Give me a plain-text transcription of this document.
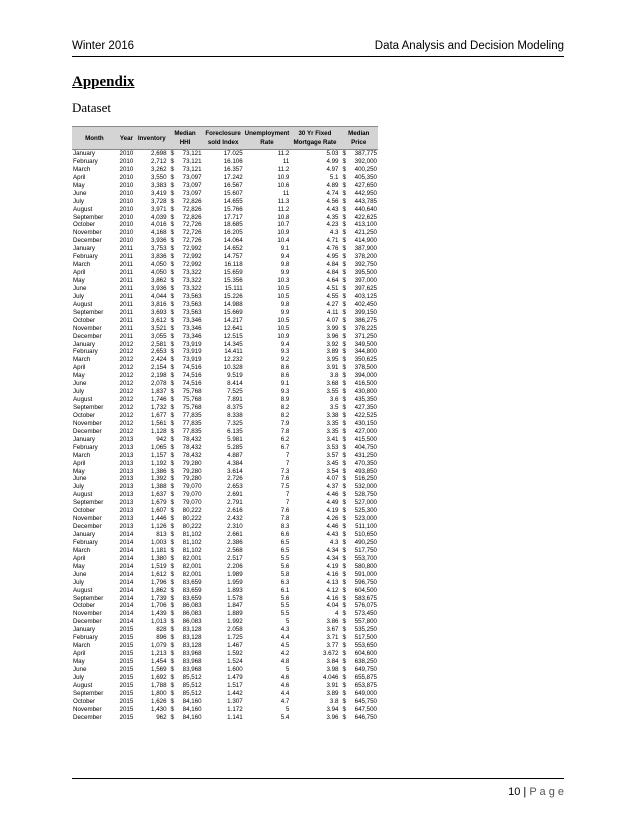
Winter 2016	Data Analysis and Decision Modeling
Appendix
Dataset
Month	Year	Inventory	Median HHI	Foreclosure sold Index	Unemployment Rate	30 Yr Fixed Mortgage Rate	Median Price
January	2010	2,698	$ 73,121	17.025	11.2	5.03	$ 387,775

February	2010	2,712	$ 73,121	16.106	11	4.99	$ 392,000

March	2010	3,262	$ 73,121	16.357	11.2	4.97	$ 400,250

April	2010	3,550	$ 73,097	17.242	10.9	5.1	$ 405,350

May	2010	3,383	$ 73,097	16.567	10.6	4.89	$ 427,650

June	2010	3,419	$ 73,097	15.607	11	4.74	$ 442,950

July	2010	3,728	$ 72,826	14.655	11.3	4.56	$ 443,785

August	2010	3,971	$ 72,826	15.766	11.2	4.43	$ 440,640

September	2010	4,039	$ 72,826	17.717	10.8	4.35	$ 422,625

October	2010	4,016	$ 72,726	18.685	10.7	4.23	$ 413,100

November	2010	4,168	$ 72,726	16.205	10.9	4.3	$ 421,250

December	2010	3,936	$ 72,726	14.064	10.4	4.71	$ 414,900

January	2011	3,753	$ 72,992	14.652	9.1	4.76	$ 387,900

February	2011	3,836	$ 72,992	14.757	9.4	4.95	$ 378,200

March	2011	4,050	$ 72,992	16.118	9.8	4.84	$ 392,750

April	2011	4,050	$ 73,322	15.659	9.9	4.84	$ 395,500

May	2011	3,862	$ 73,322	15.356	10.3	4.64	$ 397,000

June	2011	3,936	$ 73,322	15.111	10.5	4.51	$ 397,625

July	2011	4,044	$ 73,563	15.226	10.5	4.55	$ 403,125

August	2011	3,816	$ 73,563	14.988	9.8	4.27	$ 402,450

September	2011	3,693	$ 73,563	15.669	9.9	4.11	$ 399,150

October	2011	3,612	$ 73,346	14.217	10.5	4.07	$ 386,275

November	2011	3,521	$ 73,346	12.641	10.5	3.99	$ 378,225

December	2011	3,055	$ 73,346	12.515	10.9	3.96	$ 371,250

January	2012	2,581	$ 73,919	14.345	9.4	3.92	$ 349,500

February	2012	2,653	$ 73,919	14.411	9.3	3.89	$ 344,800

March	2012	2,424	$ 73,919	12.232	9.2	3.95	$ 350,625

April	2012	2,154	$ 74,516	10.328	8.6	3.91	$ 378,500

May	2012	2,198	$ 74,516	9.519	8.6	3.8	$ 394,000

June	2012	2,078	$ 74,516	8.414	9.1	3.68	$ 416,500

July	2012	1,837	$ 75,768	7.525	9.3	3.55	$ 430,800

August	2012	1,746	$ 75,768	7.891	8.9	3.6	$ 435,350

September	2012	1,732	$ 75,768	8.375	8.2	3.5	$ 427,350

October	2012	1,677	$ 77,835	8.338	8.2	3.38	$ 422,525

November	2012	1,561	$ 77,835	7.325	7.9	3.35	$ 430,150

December	2012	1,128	$ 77,835	6.135	7.8	3.35	$ 427,000

January	2013	942	$ 78,432	5.981	6.2	3.41	$ 415,500

February	2013	1,065	$ 78,432	5.285	6.7	3.53	$ 404,750

March	2013	1,157	$ 78,432	4.887	7	3.57	$ 431,250

April	2013	1,192	$ 79,280	4.384	7	3.45	$ 470,350

May	2013	1,386	$ 79,280	3.614	7.3	3.54	$ 493,850

June	2013	1,392	$ 79,280	2.726	7.6	4.07	$ 516,250

July	2013	1,388	$ 79,070	2.653	7.5	4.37	$ 532,000

August	2013	1,637	$ 79,070	2.691	7	4.46	$ 528,750

September	2013	1,679	$ 79,070	2.791	7	4.49	$ 527,000

October	2013	1,607	$ 80,222	2.616	7.6	4.19	$ 525,300

November	2013	1,446	$ 80,222	2.432	7.8	4.26	$ 523,000

December	2013	1,126	$ 80,222	2.310	8.3	4.46	$ 511,100

January	2014	813	$ 81,102	2.661	6.6	4.43	$ 510,650

February	2014	1,003	$ 81,102	2.386	6.5	4.3	$ 490,250

March	2014	1,181	$ 81,102	2.568	6.5	4.34	$ 517,750

April	2014	1,380	$ 82,001	2.517	5.5	4.34	$ 553,700

May	2014	1,519	$ 82,001	2.206	5.6	4.19	$ 580,800

June	2014	1,612	$ 82,001	1.989	5.8	4.16	$ 591,000

July	2014	1,796	$ 83,659	1.959	6.3	4.13	$ 596,750

August	2014	1,862	$ 83,659	1.893	6.1	4.12	$ 604,500

September	2014	1,739	$ 83,659	1.578	5.6	4.16	$ 583,675

October	2014	1,706	$ 86,083	1.847	5.5	4.04	$ 576,075

November	2014	1,439	$ 86,083	1.889	5.5	4	$ 573,450

December	2014	1,013	$ 86,083	1.992	5	3.86	$ 557,800

January	2015	828	$ 83,128	2.058	4.3	3.67	$ 535,250

February	2015	896	$ 83,128	1.725	4.4	3.71	$ 517,500

March	2015	1,079	$ 83,128	1.467	4.5	3.77	$ 553,650

April	2015	1,213	$ 83,968	1.592	4.2	3.672	$ 604,600

May	2015	1,454	$ 83,968	1.524	4.8	3.84	$ 638,250

June	2015	1,569	$ 83,968	1.600	5	3.98	$ 649,750

July	2015	1,692	$ 85,512	1.479	4.6	4.046	$ 655,875

August	2015	1,788	$ 85,512	1.517	4.6	3.91	$ 653,875

September	2015	1,800	$ 85,512	1.442	4.4	3.89	$ 649,000

October	2015	1,626	$ 84,160	1.307	4.7	3.8	$ 645,750

November	2015	1,430	$ 84,160	1.172	5	3.94	$ 647,500

December	2015	962	$ 84,160	1.141	5.4	3.96	$ 646,750
10 | P a g e
